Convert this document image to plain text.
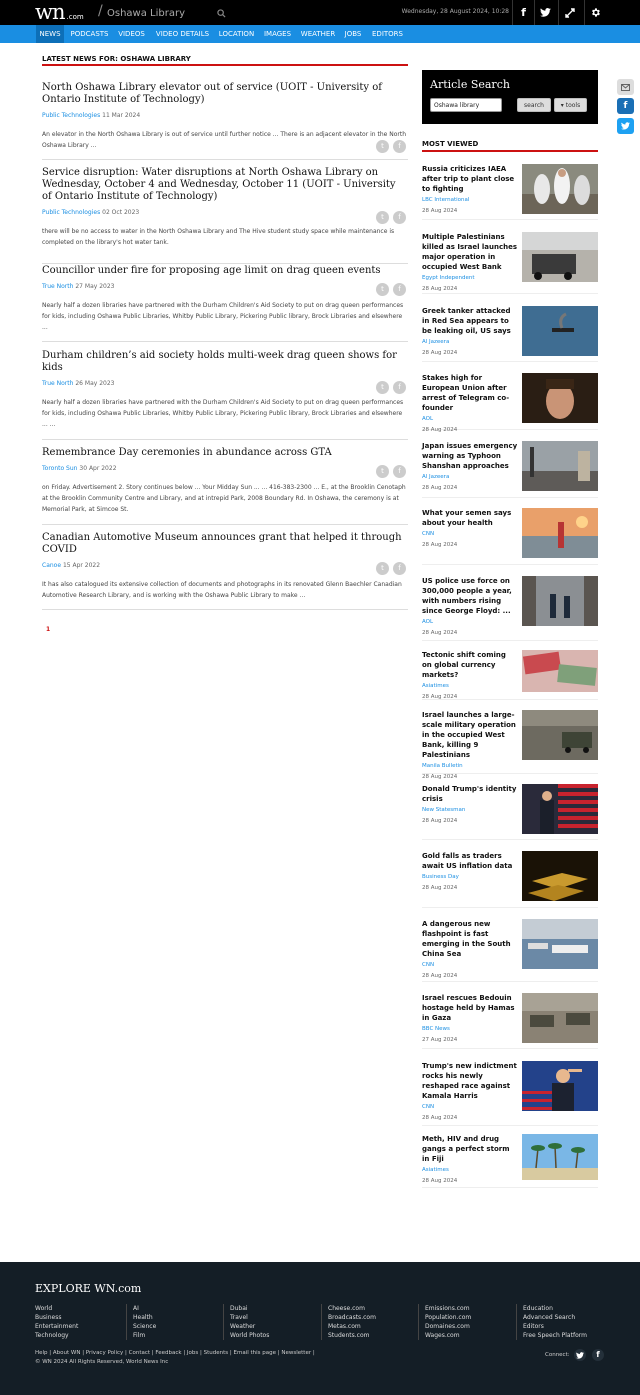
wn .com /
Oshawa Library	Wednesday, 28 August 2024, 10:28 f
NEWS	PODCASTS	VIDEOS	VIDEO DETAILS	LOCATION	IMAGES	WEATHER	JOBS	EDITORS
LATEST NEWS FOR: OSHAWA LIBRARY
North Oshawa Library elevator out of service (UOIT - University of Ontario Institute of Technology)
Public Technologies 11 Mar 2024
t	f
An elevator in the North Oshawa Library is out of service until further notice ... There is an adjacent elevator in the North Oshawa Library ...
Service disruption: Water disruptions at North Oshawa Library on Wednesday, October 4 and Wednesday, October 11 (UOIT - University of Ontario Institute of Technology)
Public Technologies 02 Oct 2023
there will be no access to water in the North Oshawa Library and The Hive student study space while maintenance is completed on the library's hot water tank.
Councillor under fire for proposing age limit on drag queen events
True North 27 May 2023	t	f
Nearly half a dozen libraries have partnered with the Durham Children's Aid Society to put on drag queen performances for kids, including Oshawa Public Libraries, Whitby Public Library, Pickering Public library, Brock Libraries and elsewhere ...
Durham children’s aid society holds multi-week drag queen shows for kids
True North 26 May 2023	t	f
Nearly half a dozen libraries have partnered with the Durham Children's Aid Society to put on drag queen performances for kids, including Oshawa Public Libraries, Whitby Public Library, Pickering Public library, Brock Libraries and elsewhere ... ...
Remembrance Day ceremonies in abundance across GTA
Toronto Sun 30 Apr 2022	t	f
on Friday. Advertisement 2. Story continues below ... Your Midday Sun ... ... 416-383-2300 ... E., at the Brooklin Cenotaph at the Brooklin Community Centre and Library, and at intrepid Park, 2008 Boundary Rd. In Oshawa, the ceremony is at Memorial Park, at Simcoe St.
Canadian Automotive Museum announces grant that helped it through COVID
Canoe 15 Apr 2022	t	f
It has also catalogued its extensive collection of documents and photographs in its renovated Glenn Baechler Canadian Automotive Research Library, and is working with the Oshawa Public Library to make ...
t	f
1
Article Search
Oshawa library
search	▾ tools
MOST VIEWED
Russia criticizes IAEA after trip to plant close to fighting
LBC International
28 Aug 2024
Multiple Palestinians killed as Israel launches major operation in occupied West Bank
Egypt Independent
28 Aug 2024
Greek tanker attacked in Red Sea appears to be leaking oil, US says
Al Jazeera
28 Aug 2024
Stakes high for European Union after arrest of Telegram co-founder
AOL
28 Aug 2024
Japan issues emergency warning as Typhoon Shanshan approaches
Al Jazeera
28 Aug 2024
What your semen says about your health
CNN
28 Aug 2024
US police use force on 300,000 people a year, with numbers rising since George Floyd: ...
AOL
28 Aug 2024
Tectonic shift coming on global currency markets?
Asiatimes
28 Aug 2024
Israel launches a large-scale military operation in the occupied West Bank, killing 9 Palestinians
Manila Bulletin
28 Aug 2024
Donald Trump's identity crisis
New Statesman
28 Aug 2024
Gold falls as traders await US inflation data
Business Day
28 Aug 2024
A dangerous new flashpoint is fast emerging in the South China Sea
CNN
28 Aug 2024
Israel rescues Bedouin hostage held by Hamas in Gaza
BBC News
27 Aug 2024
Trump's new indictment rocks his newly reshaped race against Kamala Harris
CNN
28 Aug 2024
Meth, HIV and drug gangs a perfect storm in Fiji
Asiatimes
28 Aug 2024
f
EXPLORE WN.com
World
Business
Entertainment
Technology
AI
Health
Science
Film
Dubai
Travel
Weather
World Photos
Cheese.com
Broadcasts.com
Metas.com
Students.com
Emissions.com
Population.com
Domaines.com
Wages.com
Education
Advanced Search
Editors
Free Speech Platform
Help | About WN | Privacy Policy | Contact | Feedback | Jobs | Students | Email this page | Newsletter |
© WN 2024 All Rights Reserved, World News Inc
Connect:	f
